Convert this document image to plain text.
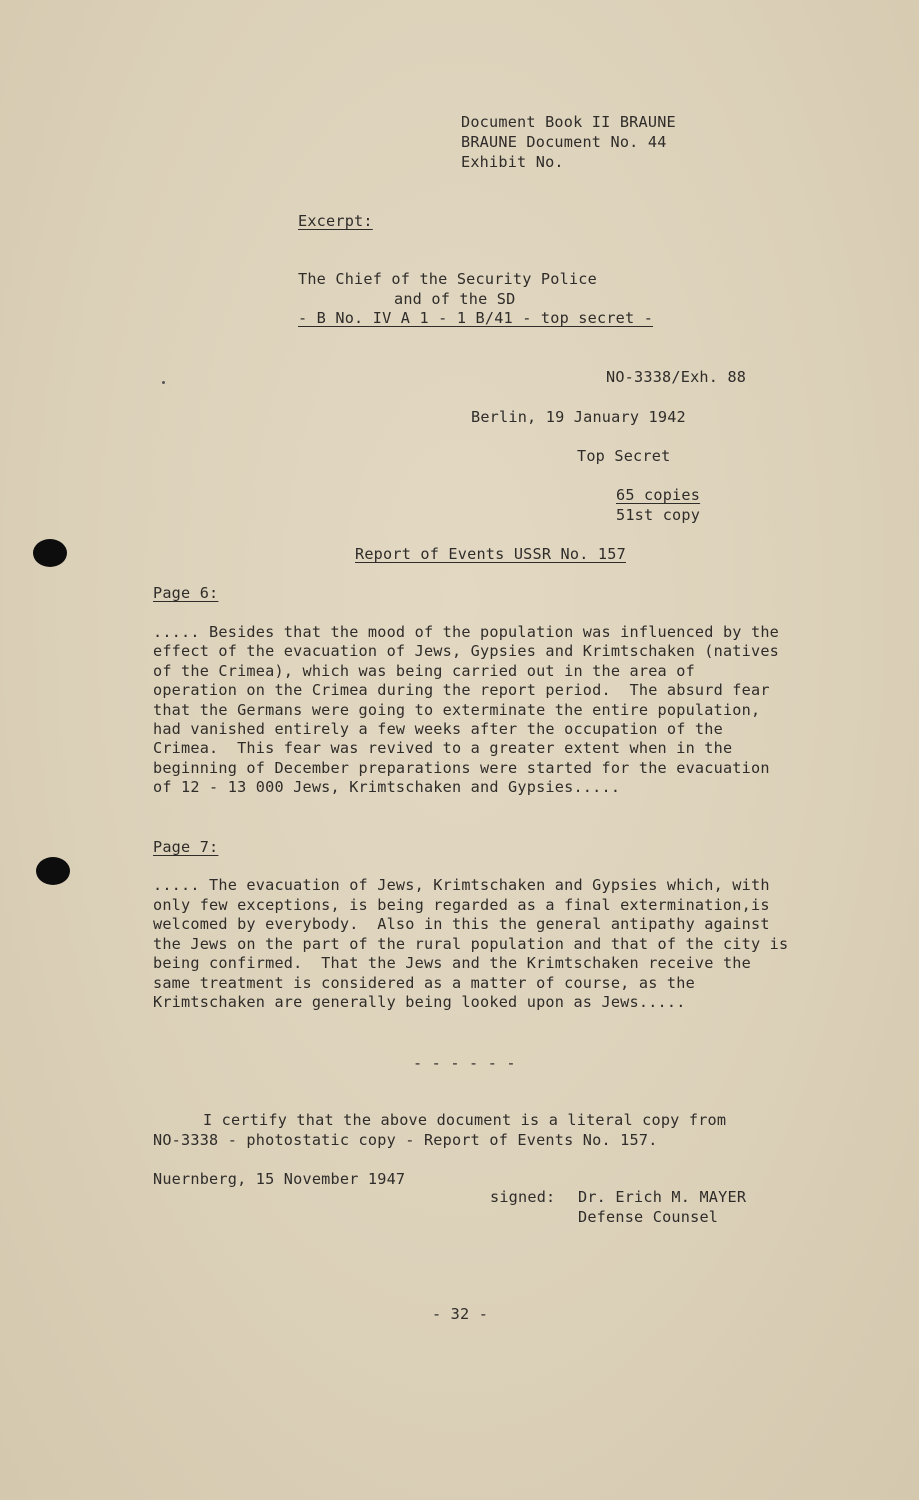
Document Book II BRAUNE
BRAUNE Document No. 44
Exhibit No.
Excerpt:
The Chief of the Security Police
and of the SD
- B No. IV A 1 - 1 B/41 - top secret -
NO-3338/Exh. 88
Berlin, 19 January 1942
Top Secret
65 copies
51st copy
Report of Events USSR No. 157
Page 6:
..... Besides that the mood of the population was influenced by the
effect of the evacuation of Jews, Gypsies and Krimtschaken (natives
of the Crimea), which was being carried out in the area of
operation on the Crimea during the report period.  The absurd fear
that the Germans were going to exterminate the entire population,
had vanished entirely a few weeks after the occupation of the
Crimea.  This fear was revived to a greater extent when in the
beginning of December preparations were started for the evacuation
of 12 - 13 000 Jews, Krimtschaken and Gypsies.....
Page 7:
..... The evacuation of Jews, Krimtschaken and Gypsies which, with
only few exceptions, is being regarded as a final extermination,is
welcomed by everybody.  Also in this the general antipathy against
the Jews on the part of the rural population and that of the city is
being confirmed.  That the Jews and the Krimtschaken receive the
same treatment is considered as a matter of course, as the
Krimtschaken are generally being looked upon as Jews.....
- - - - - -
I certify that the above document is a literal copy from
NO-3338 - photostatic copy - Report of Events No. 157.
Nuernberg, 15 November 1947
signed: Dr. Erich M. MAYER
Defense Counsel
- 32 -
